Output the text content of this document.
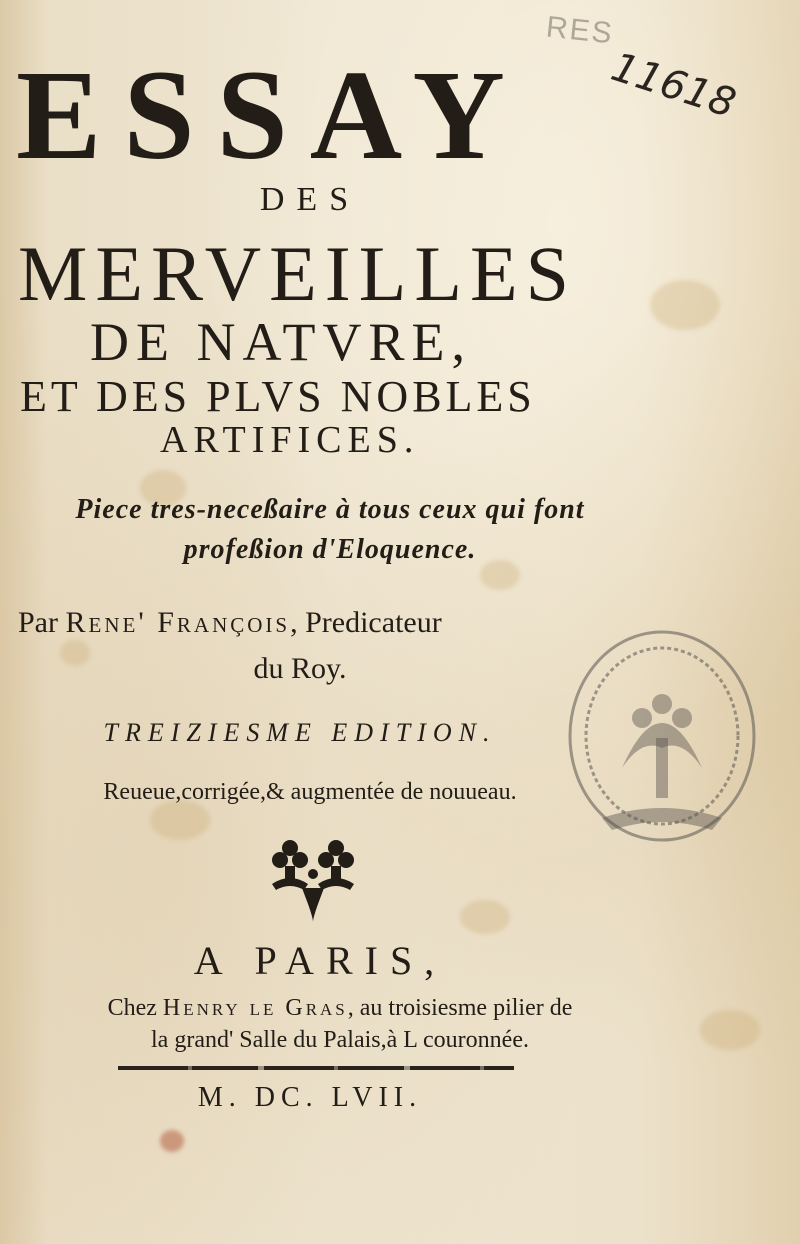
RES
11618
ESSAY
DES
MERVEILLES
DE NATVRE,
ET DES PLVS NOBLES
ARTIFICES.
Piece tres-neceßaire à tous ceux qui font
profeßion d'Eloquence.
Par Rene' François, Predicateur
du Roy.
TREIZIESME EDITION.
Reueue,corrigée,& augmentée de nouueau.
A PARIS,
Chez Henry le Gras, au troisiesme pilier de
la grand' Salle du Palais,à L couronnée.
M. DC. LVII.
